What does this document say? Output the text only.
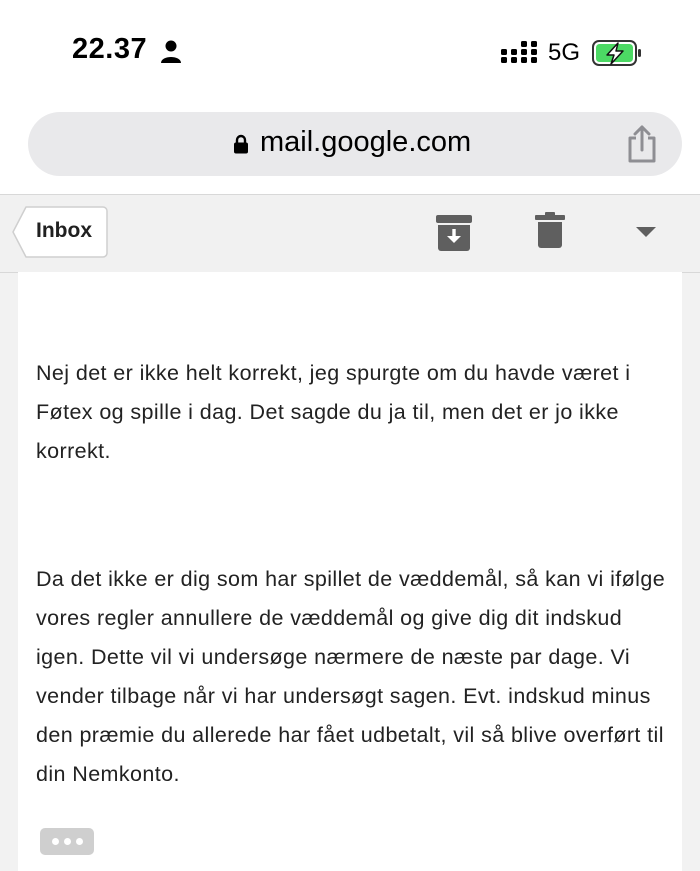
22.37	5G
mail.google.com
Inbox

Nej det er ikke helt korrekt, jeg spurgte om du havde været i Føtex og spille i dag. Det sagde du ja til, men det er jo ikke korrekt.

Da det ikke er dig som har spillet de væddemål, så kan vi ifølge vores regler annullere de væddemål og give dig dit indskud igen. Dette vil vi undersøge nærmere de næste par dage. Vi vender tilbage når vi har undersøgt sagen. Evt. indskud minus den præmie du allerede har fået udbetalt, vil så blive overført til din Nemkonto.
